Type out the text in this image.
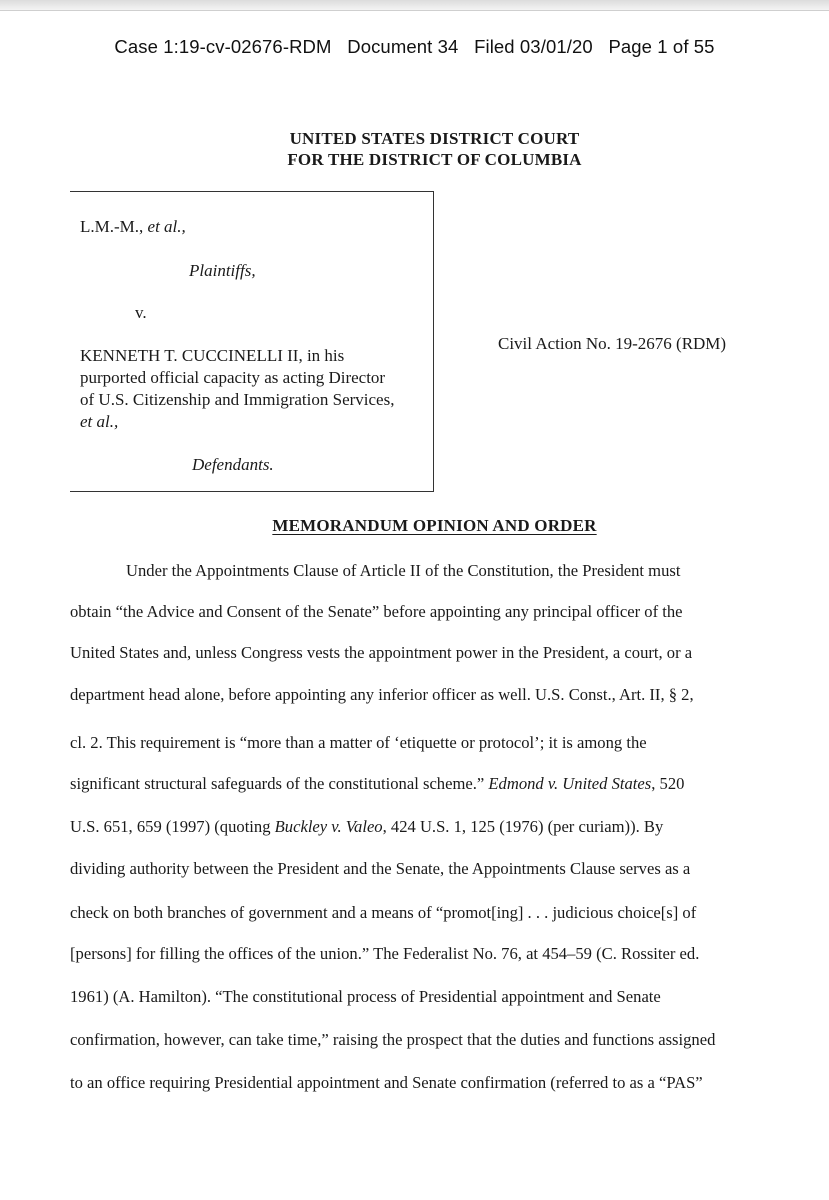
Case 1:19-cv-02676-RDM   Document 34   Filed 03/01/20   Page 1 of 55
UNITED STATES DISTRICT COURT
FOR THE DISTRICT OF COLUMBIA
L.M.-M., et al.,
Plaintiffs,
v.
KENNETH T. CUCCINELLI II, in his
purported official capacity as acting Director
of U.S. Citizenship and Immigration Services,
et al.,
Defendants.
Civil Action No. 19-2676 (RDM)
MEMORANDUM OPINION AND ORDER
Under the Appointments Clause of Article II of the Constitution, the President must
obtain “the Advice and Consent of the Senate” before appointing any principal officer of the
United States and, unless Congress vests the appointment power in the President, a court, or a
department head alone, before appointing any inferior officer as well. U.S. Const., Art. II, § 2,
cl. 2. This requirement is “more than a matter of ‘etiquette or protocol’; it is among the
significant structural safeguards of the constitutional scheme.” Edmond v. United States, 520
U.S. 651, 659 (1997) (quoting Buckley v. Valeo, 424 U.S. 1, 125 (1976) (per curiam)). By
dividing authority between the President and the Senate, the Appointments Clause serves as a
check on both branches of government and a means of “promot[ing] . . . judicious choice[s] of
[persons] for filling the offices of the union.” The Federalist No. 76, at 454–59 (C. Rossiter ed.
1961) (A. Hamilton). “The constitutional process of Presidential appointment and Senate
confirmation, however, can take time,” raising the prospect that the duties and functions assigned
to an office requiring Presidential appointment and Senate confirmation (referred to as a “PAS”
